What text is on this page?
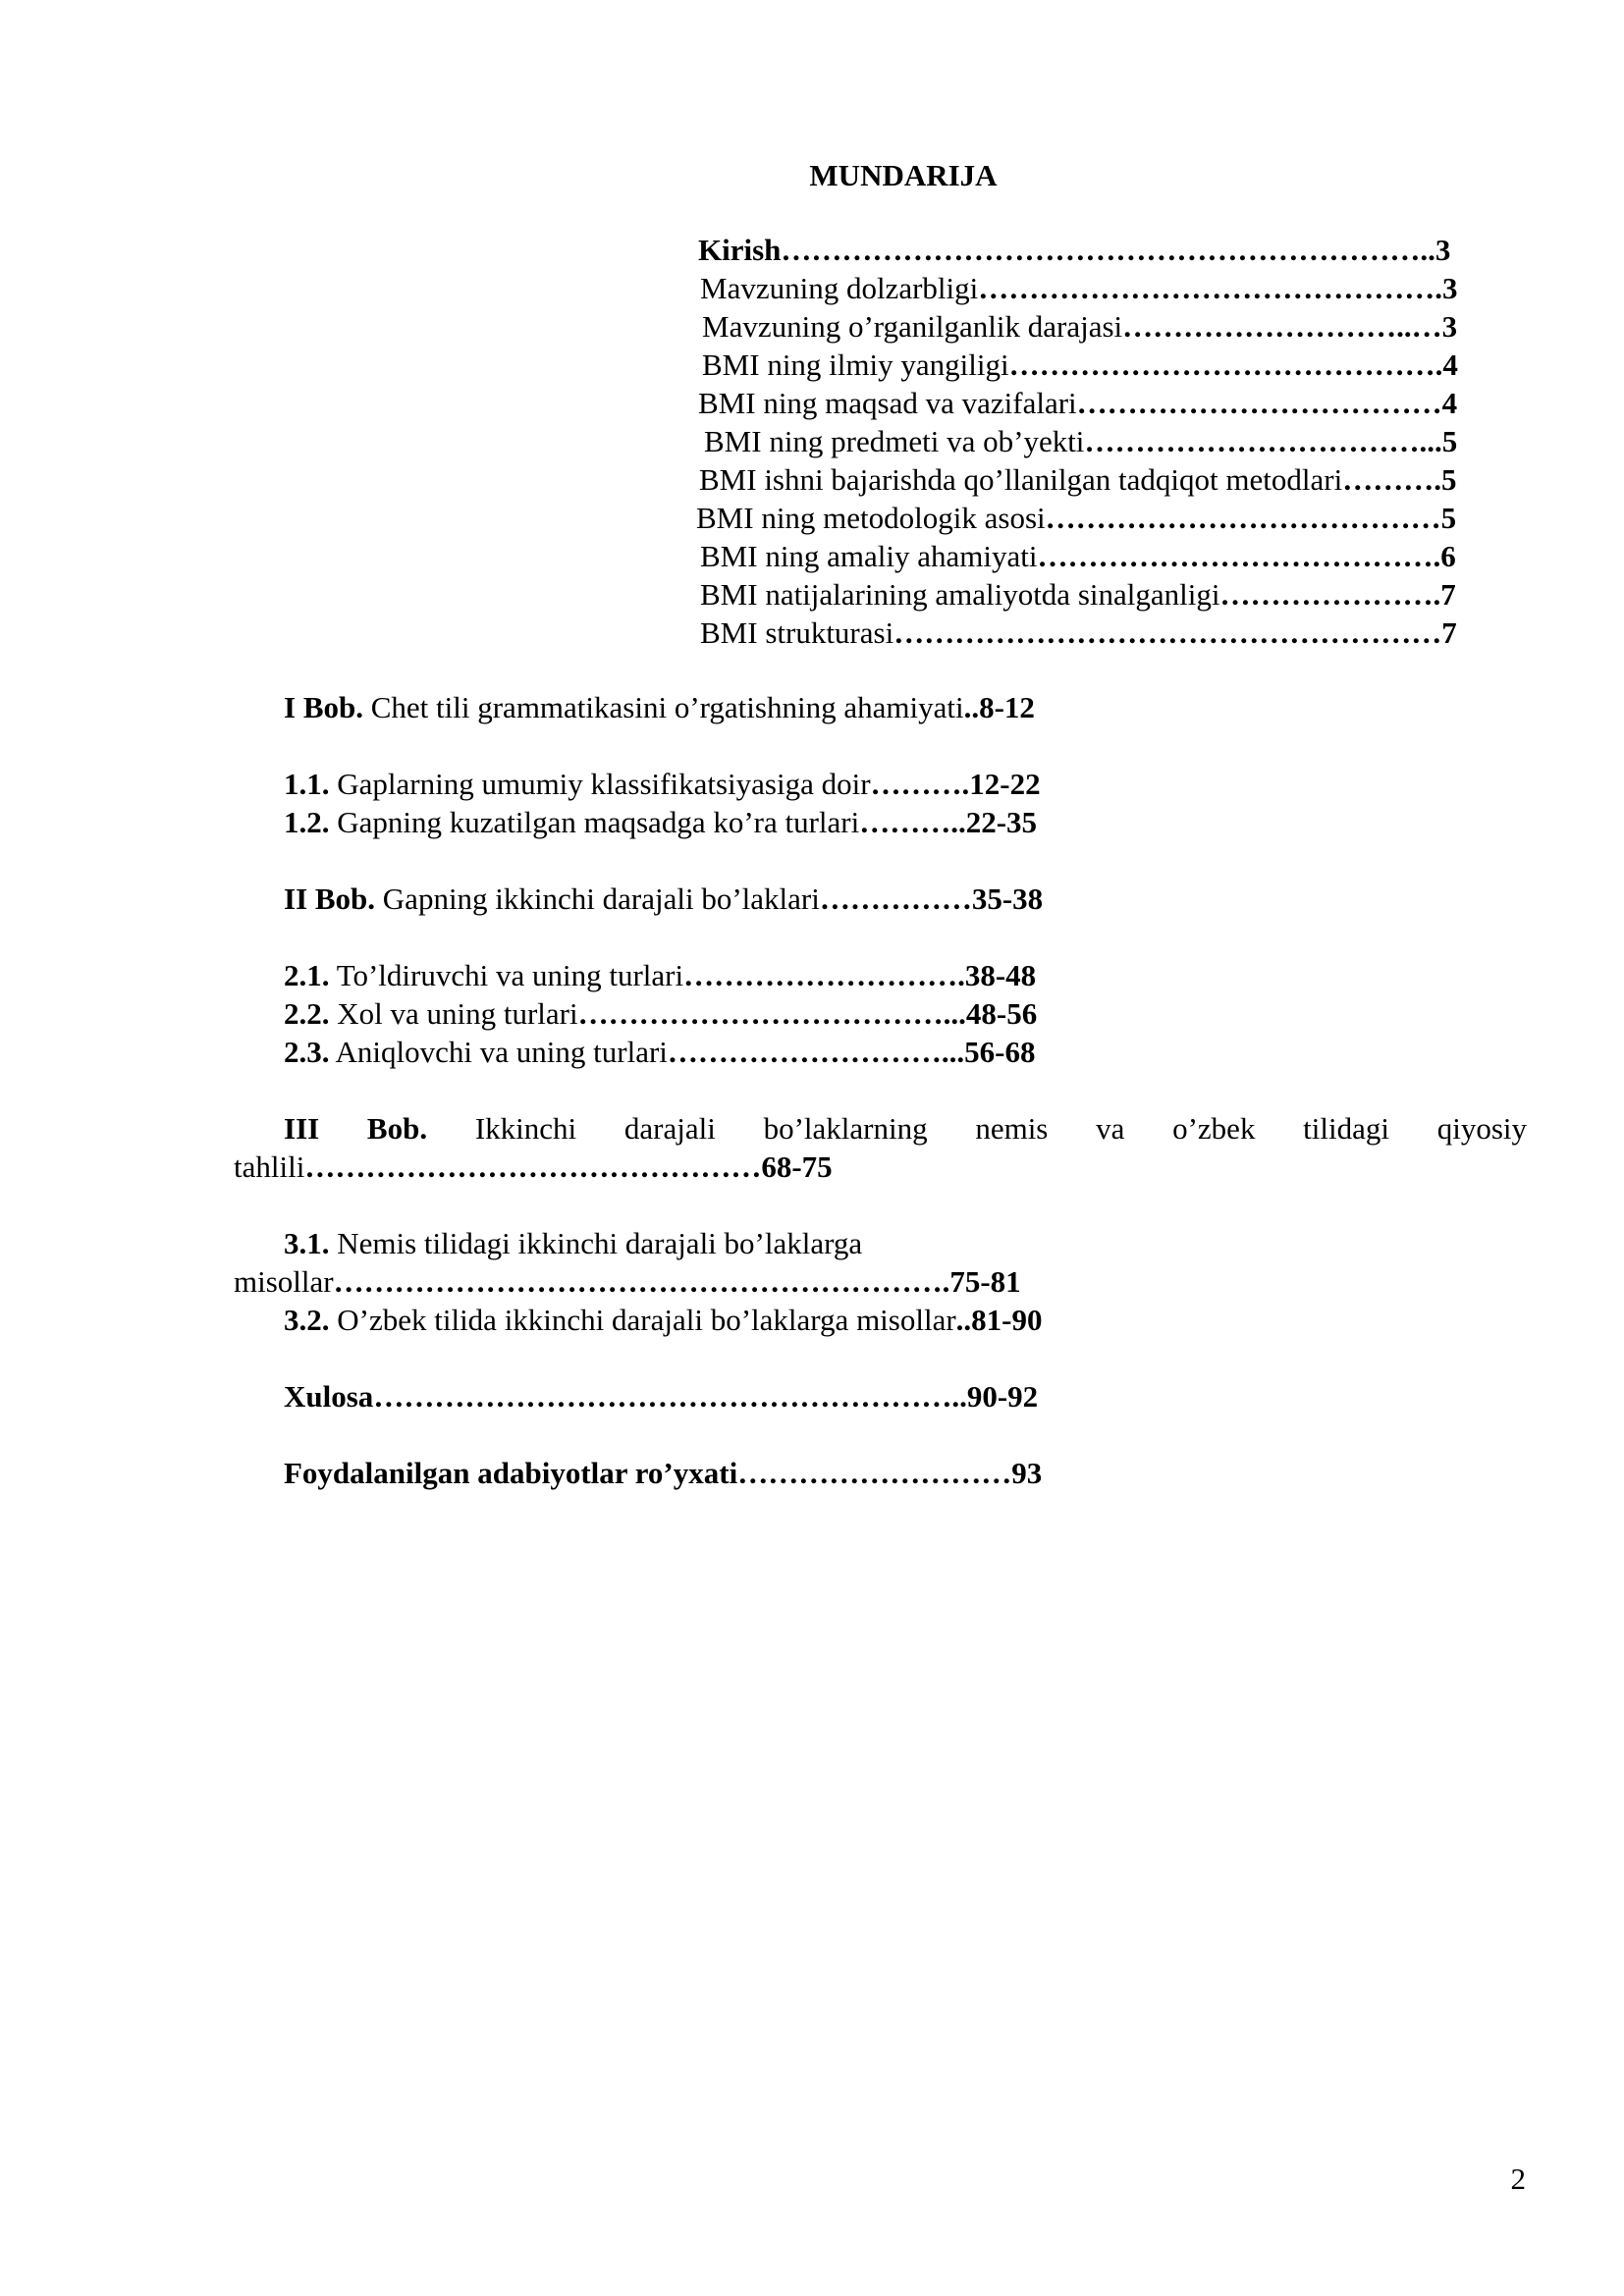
MUNDARIJA
Kirish………………………………………………………..3
Mavzuning dolzarbligi……………………………………….3
Mavzuning o’rganilganlik darajasi………………………..…3
BMI ning ilmiy yangiligi…………………………………….4
BMI ning maqsad va vazifalari………………………………4
BMI ning predmeti va ob’yekti……………………………...5
BMI ishni bajarishda qo’llanilgan tadqiqot metodlari……….5
BMI ning metodologik asosi…………………………………5
BMI ning amaliy ahamiyati………………………………….6
BMI natijalarining amaliyotda sinalganligi………………….7
BMI strukturasi………………………………………………7
I Bob. Chet tili grammatikasini o’rgatishning ahamiyati..8-12
1.1. Gaplarning umumiy klassifikatsiyasiga doir……….12-22
1.2. Gapning kuzatilgan maqsadga ko’ra turlari………..22-35
II Bob. Gapning ikkinchi darajali bo’laklari……………35-38
2.1. To’ldiruvchi va uning turlari……………………….38-48
2.2. Xol va uning turlari………………………………...48-56
2.3. Aniqlovchi va uning turlari………………………...56-68
III Bob. Ikkinchi darajali bo’laklarning nemis va o’zbek tilidagi qiyosiy
tahlili………………………………………68-75
3.1. Nemis tilidagi ikkinchi darajali bo’laklarga
misollar…………………………………………………….75-81
3.2. O’zbek tilida ikkinchi darajali bo’laklarga misollar..81-90
Xulosa…………………………………………………..90-92
Foydalanilgan adabiyotlar ro’yxati………………………93
2
